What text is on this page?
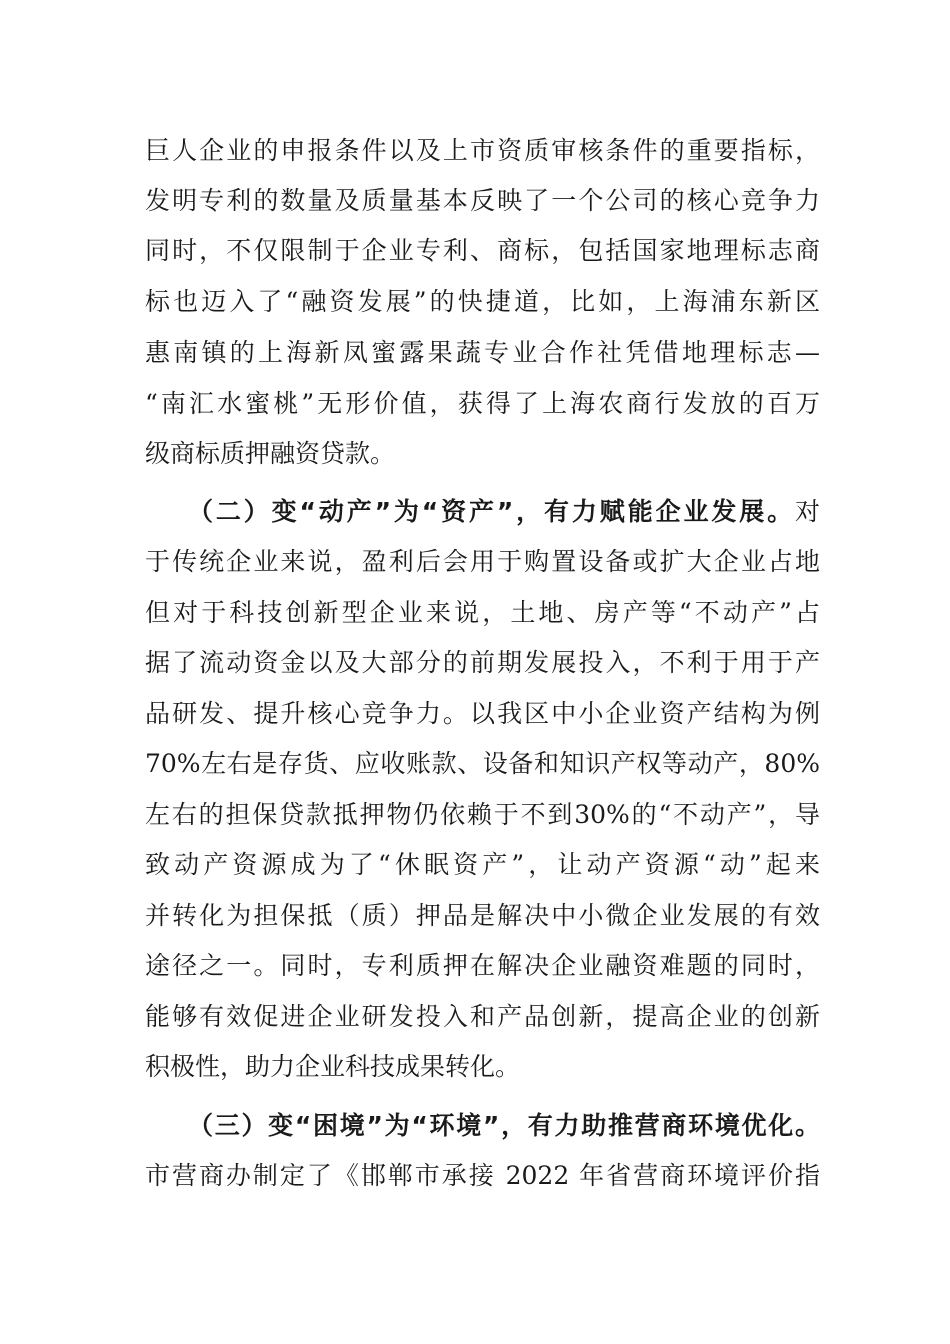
巨人企业的申报条件以及上市资质审核条件的重要指标，
发明专利的数量及质量基本反映了一个公司的核心竞争力
同时，不仅限制于企业专利、商标，包括国家地理标志商
标也迈入了“融资发展”的快捷道，比如，上海浦东新区
惠南镇的上海新凤蜜露果蔬专业合作社凭借地理标志—
“南汇水蜜桃”无形价值，获得了上海农商行发放的百万
级商标质押融资贷款。
（二）变“动产”为“资产”，有力赋能企业发展。对
于传统企业来说，盈利后会用于购置设备或扩大企业占地
但对于科技创新型企业来说，土地、房产等“不动产”占
据了流动资金以及大部分的前期发展投入，不利于用于产
品研发、提升核心竞争力。以我区中小企业资产结构为例
70%左右是存货、应收账款、设备和知识产权等动产，80%
左右的担保贷款抵押物仍依赖于不到30%的“不动产”，导
致动产资源成为了“休眠资产”，让动产资源“动”起来
并转化为担保抵（质）押品是解决中小微企业发展的有效
途径之一。同时，专利质押在解决企业融资难题的同时，
能够有效促进企业研发投入和产品创新，提高企业的创新
积极性，助力企业科技成果转化。
（三）变“困境”为“环境”，有力助推营商环境优化。
市营商办制定了《邯郸市承接 2022 年省营商环境评价指
